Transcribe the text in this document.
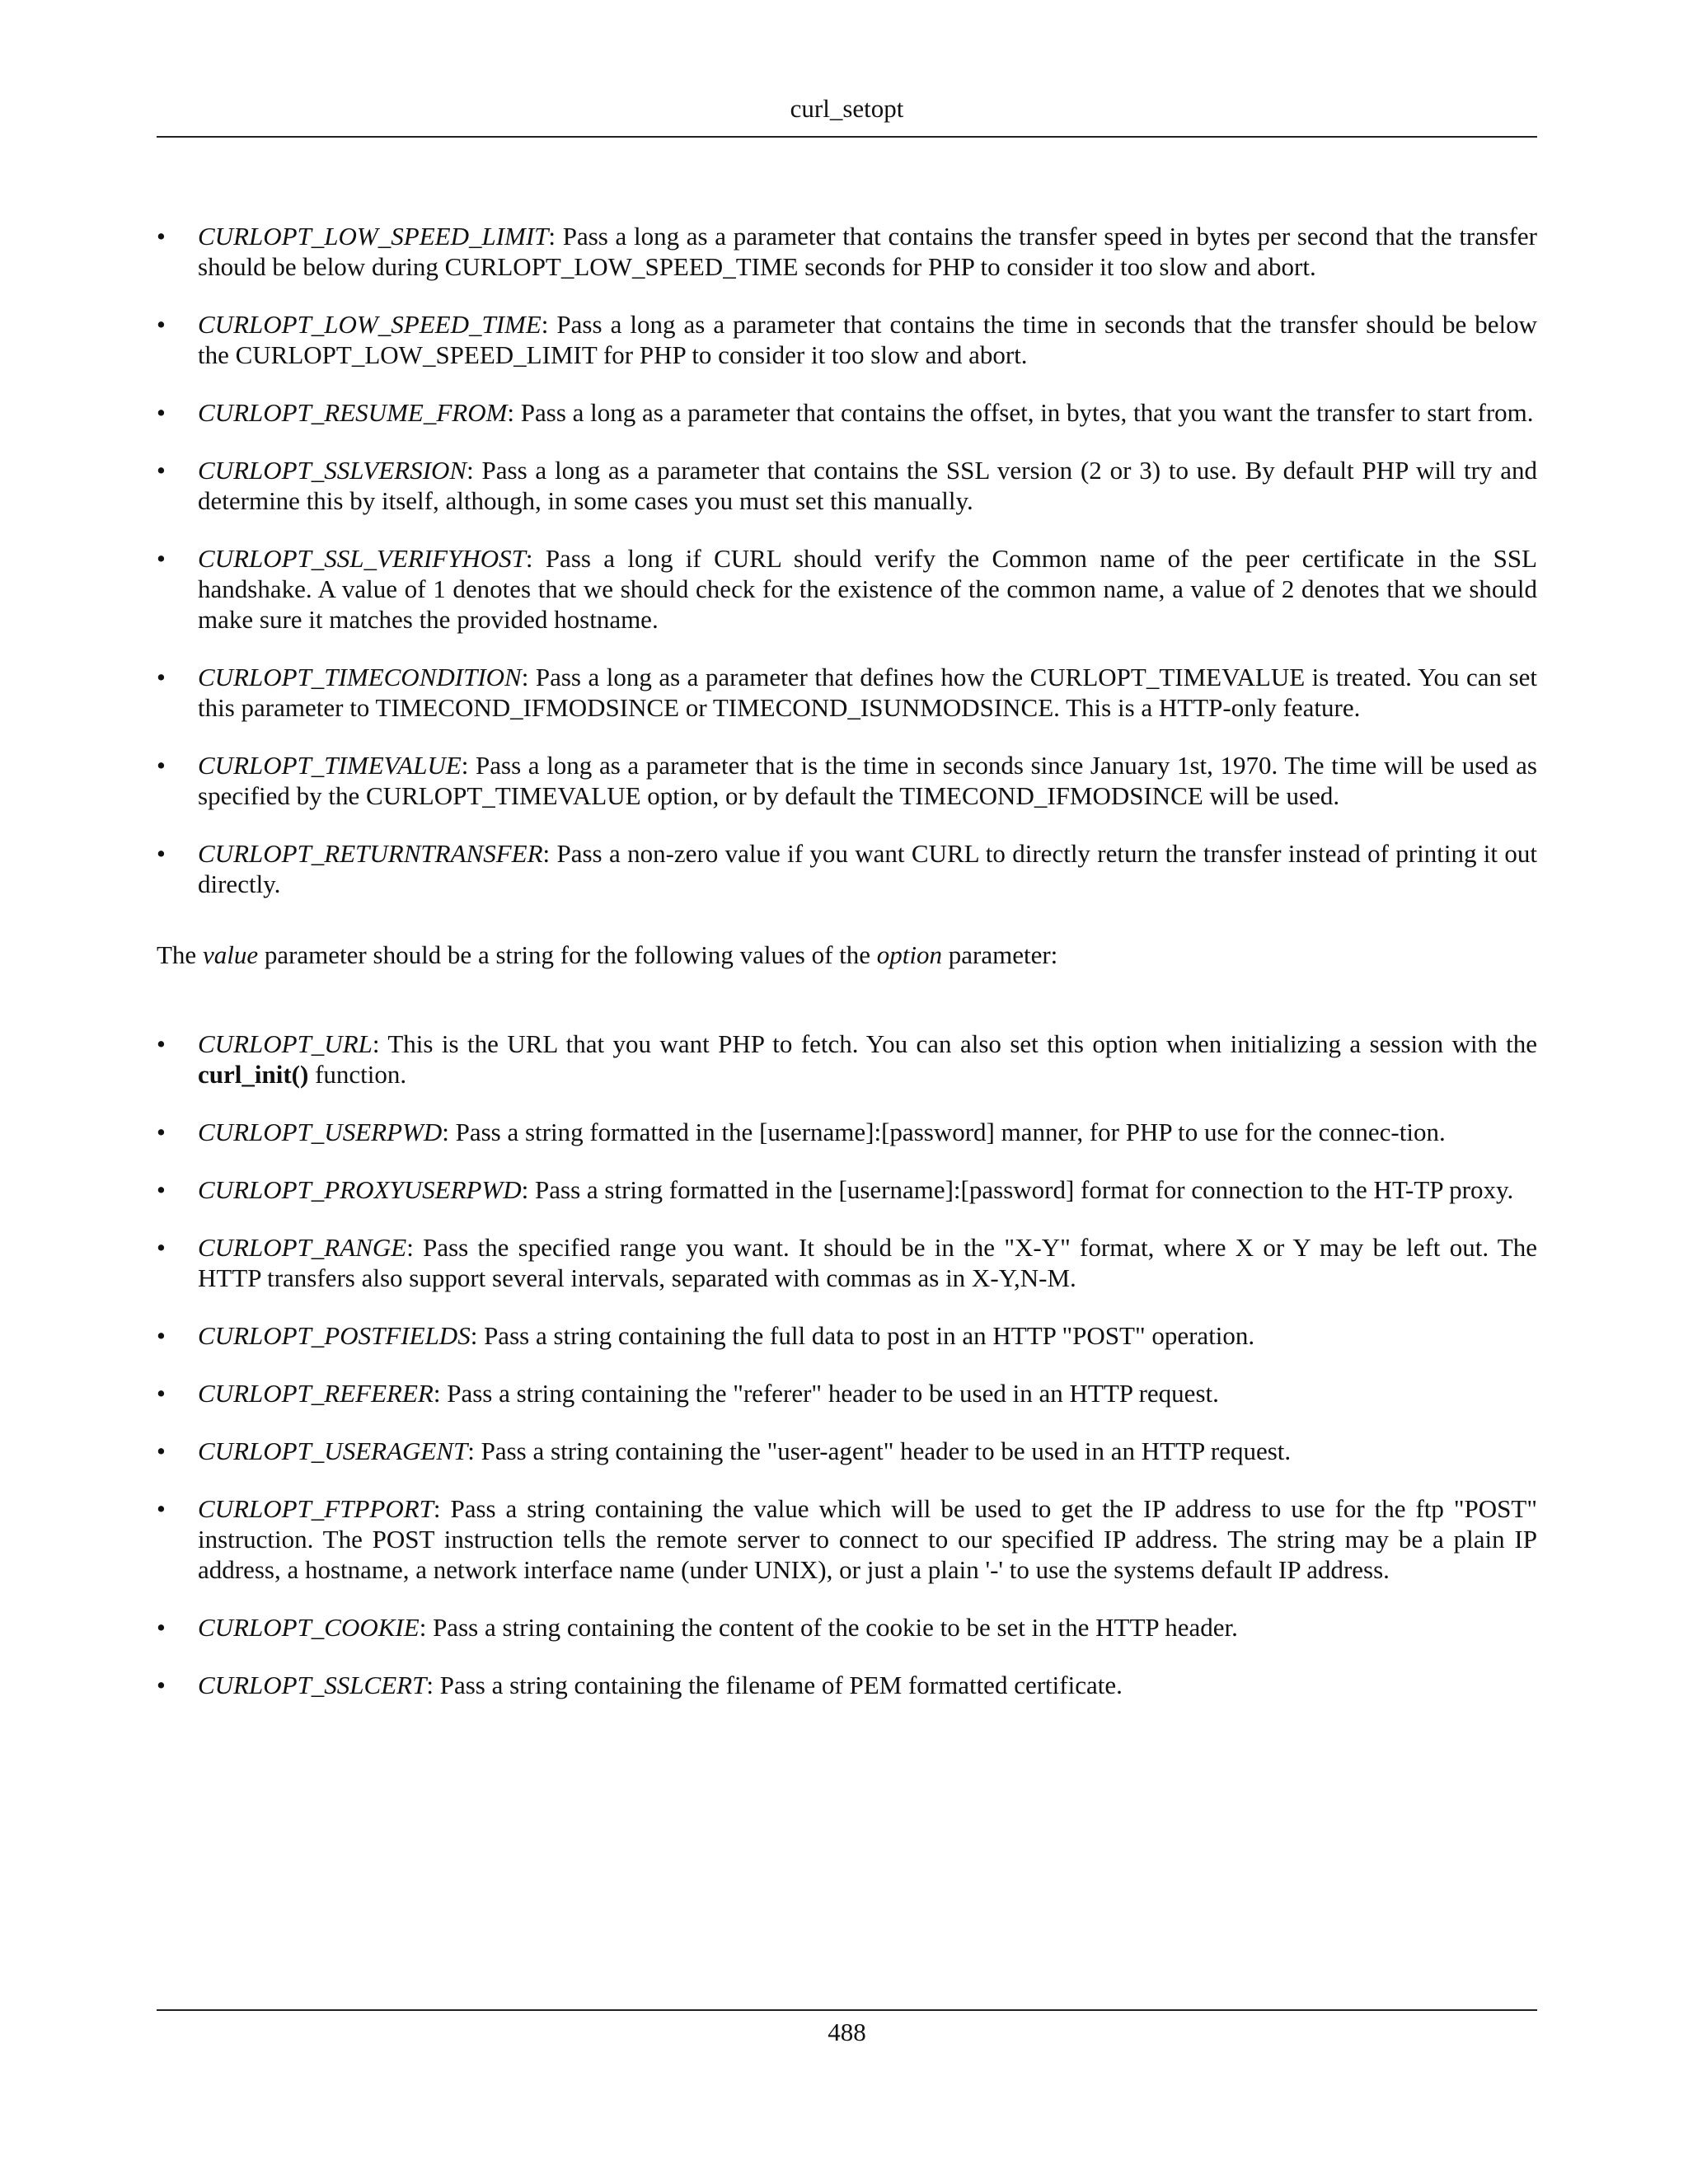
curl_setopt
• CURLOPT_LOW_SPEED_LIMIT: Pass a long as a parameter that contains the transfer speed in bytes per second that the transfer should be below during CURLOPT_LOW_SPEED_TIME seconds for PHP to consider it too slow and abort.
• CURLOPT_LOW_SPEED_TIME: Pass a long as a parameter that contains the time in seconds that the transfer should be below the CURLOPT_LOW_SPEED_LIMIT for PHP to consider it too slow and abort.
• CURLOPT_RESUME_FROM: Pass a long as a parameter that contains the offset, in bytes, that you want the transfer to start from.
• CURLOPT_SSLVERSION: Pass a long as a parameter that contains the SSL version (2 or 3) to use. By default PHP will try and determine this by itself, although, in some cases you must set this manually.
• CURLOPT_SSL_VERIFYHOST: Pass a long if CURL should verify the Common name of the peer certificate in the SSL handshake. A value of 1 denotes that we should check for the existence of the common name, a value of 2 denotes that we should make sure it matches the provided hostname.
• CURLOPT_TIMECONDITION: Pass a long as a parameter that defines how the CURLOPT_TIMEVALUE is treated. You can set this parameter to TIMECOND_IFMODSINCE or TIMECOND_ISUNMODSINCE. This is a HTTP-only feature.
• CURLOPT_TIMEVALUE: Pass a long as a parameter that is the time in seconds since January 1st, 1970. The time will be used as specified by the CURLOPT_TIMEVALUE option, or by default the TIMECOND_IFMODSINCE will be used.
• CURLOPT_RETURNTRANSFER: Pass a non-zero value if you want CURL to directly return the transfer instead of printing it out directly.

The value parameter should be a string for the following values of the option parameter:

• CURLOPT_URL: This is the URL that you want PHP to fetch. You can also set this option when initializing a session with the curl_init() function.
• CURLOPT_USERPWD: Pass a string formatted in the [username]:[password] manner, for PHP to use for the connec-tion.
• CURLOPT_PROXYUSERPWD: Pass a string formatted in the [username]:[password] format for connection to the HT-TP proxy.
• CURLOPT_RANGE: Pass the specified range you want. It should be in the "X-Y" format, where X or Y may be left out. The HTTP transfers also support several intervals, separated with commas as in X-Y,N-M.
• CURLOPT_POSTFIELDS: Pass a string containing the full data to post in an HTTP "POST" operation.
• CURLOPT_REFERER: Pass a string containing the "referer" header to be used in an HTTP request.
• CURLOPT_USERAGENT: Pass a string containing the "user-agent" header to be used in an HTTP request.
• CURLOPT_FTPPORT: Pass a string containing the value which will be used to get the IP address to use for the ftp "POST" instruction. The POST instruction tells the remote server to connect to our specified IP address. The string may be a plain IP address, a hostname, a network interface name (under UNIX), or just a plain '-' to use the systems default IP address.
• CURLOPT_COOKIE: Pass a string containing the content of the cookie to be set in the HTTP header.
• CURLOPT_SSLCERT: Pass a string containing the filename of PEM formatted certificate.
488
